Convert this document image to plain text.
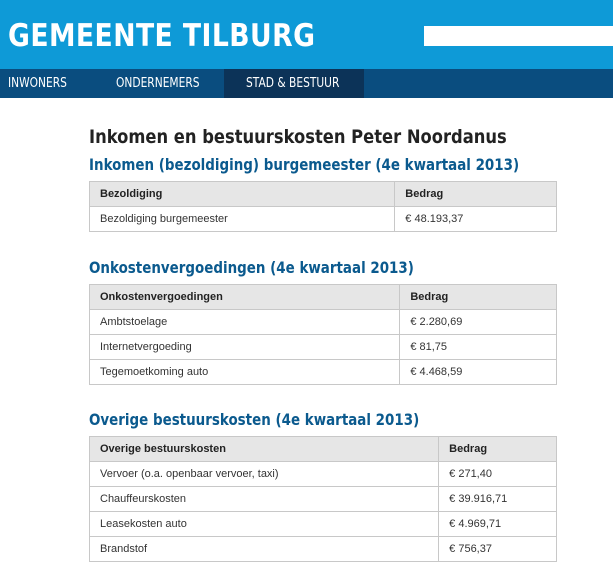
GEMEENTE TILBURG
INWONERS	ONDERNEMERS	STAD & BESTUUR
Inkomen en bestuurskosten Peter Noordanus
Inkomen (bezoldiging) burgemeester (4e kwartaal 2013)
Bezoldiging	Bedrag
Bezoldiging burgemeester	€ 48.193,37
Onkostenvergoedingen (4e kwartaal 2013)
Onkostenvergoedingen	Bedrag
Ambtstoelage	€ 2.280,69
Internetvergoeding	€ 81,75
Tegemoetkoming auto	€ 4.468,59
Overige bestuurskosten (4e kwartaal 2013)
Overige bestuurskosten	Bedrag
Vervoer (o.a. openbaar vervoer, taxi)	€ 271,40
Chauffeurskosten	€ 39.916,71
Leasekosten auto	€ 4.969,71
Brandstof	€ 756,37
